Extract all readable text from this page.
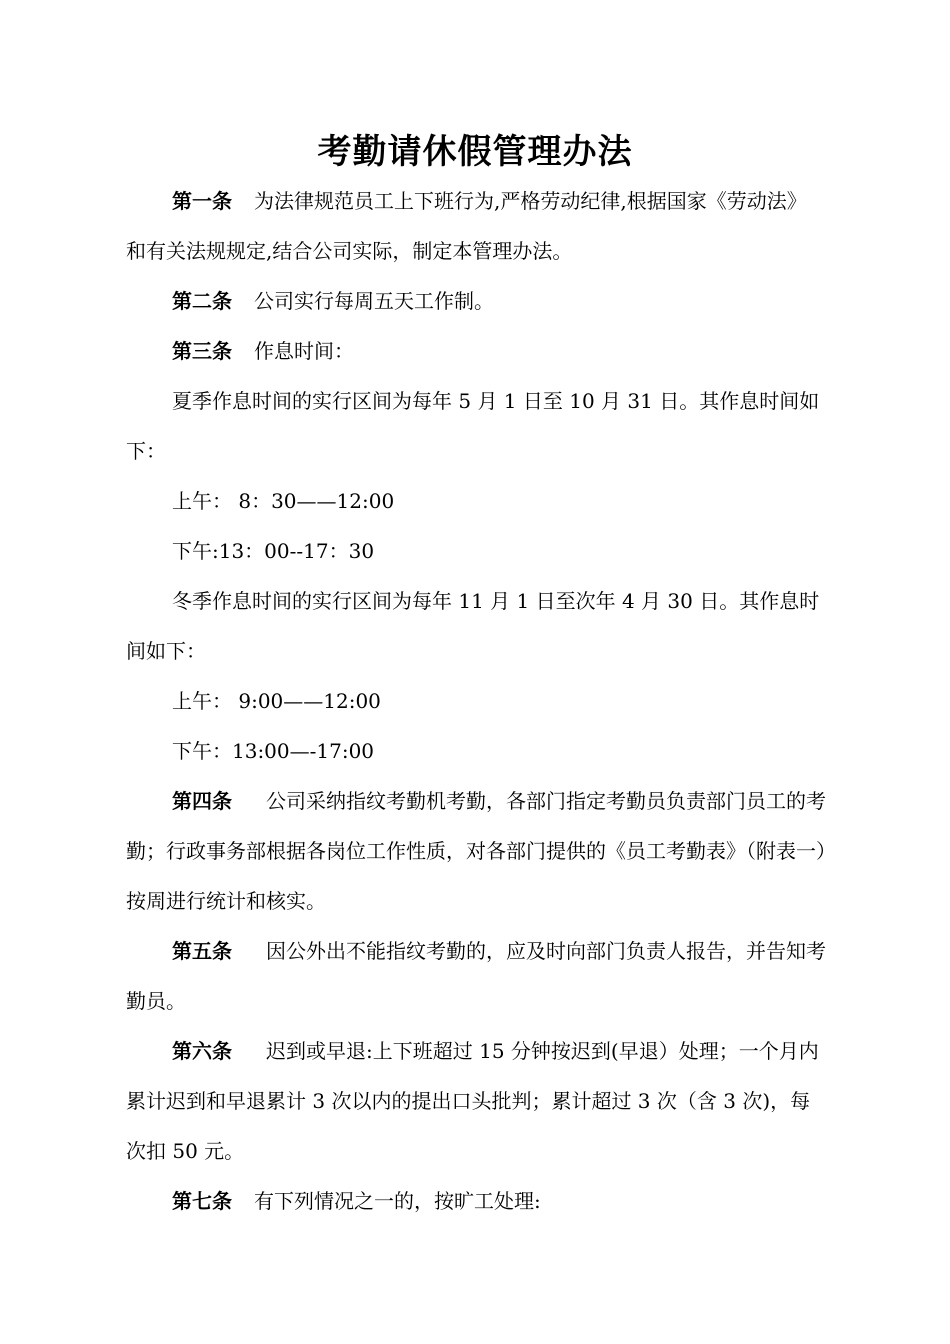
考勤请休假管理办法

第一条 为法律规范员工上下班行为,严格劳动纪律,根据国家《劳动法》和有关法规规定,结合公司实际，制定本管理办法。

第二条 公司实行每周五天工作制。

第三条 作息时间：

夏季作息时间的实行区间为每年 5 月 1 日至 10 月 31 日。其作息时间如下：

上午： 8：30——12:00

下午:13：00--17：30

冬季作息时间的实行区间为每年 11 月 1 日至次年 4 月 30 日。其作息时间如下：

上午： 9:00——12:00

下午：13:00—-17:00

第四条 公司采纳指纹考勤机考勤，各部门指定考勤员负责部门员工的考勤；行政事务部根据各岗位工作性质，对各部门提供的《员工考勤表》（附表一）按周进行统计和核实。

第五条 因公外出不能指纹考勤的，应及时向部门负责人报告，并告知考勤员。

第六条 迟到或早退:上下班超过 15 分钟按迟到(早退）处理；一个月内累计迟到和早退累计 3 次以内的提出口头批判；累计超过 3 次（含 3 次)，每次扣 50 元。

第七条 有下列情况之一的，按旷工处理:
